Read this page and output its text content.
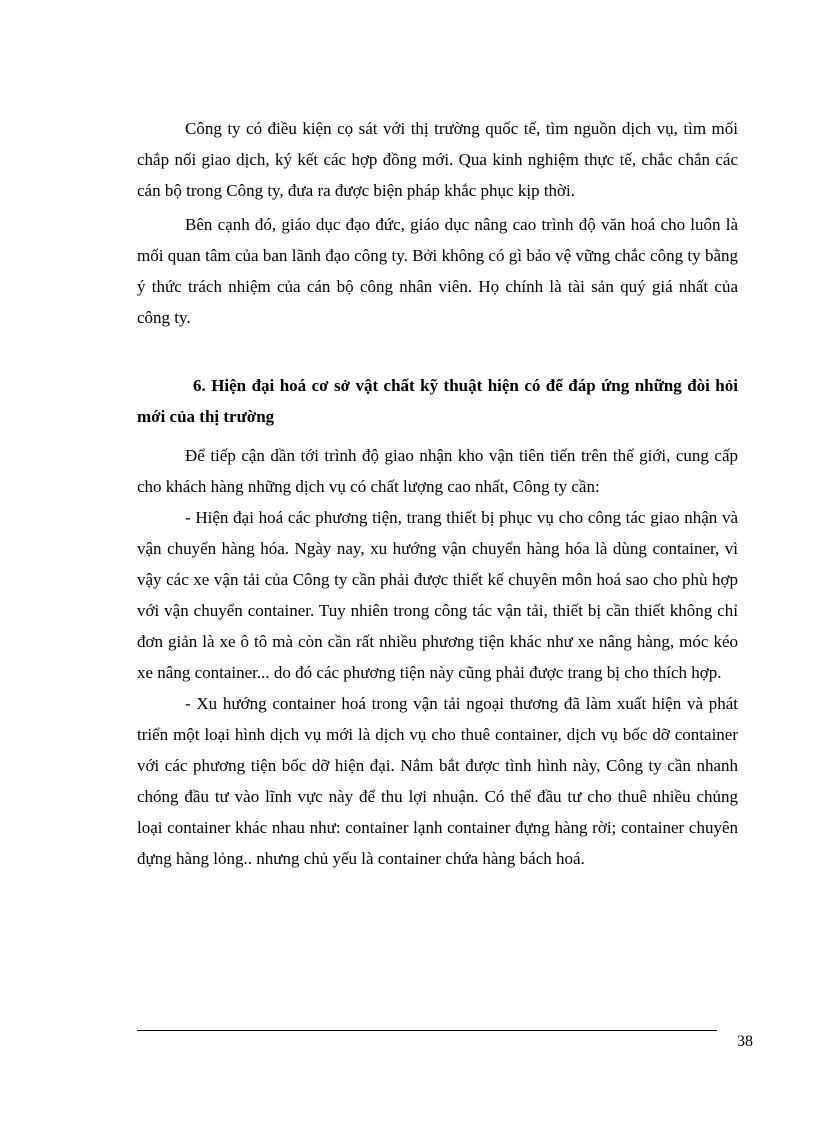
Công ty có điều kiện cọ sát với thị trường quốc tế, tìm nguồn dịch vụ, tìm mối chắp nối giao dịch, ký kết các hợp đồng mới. Qua kinh nghiệm thực tế, chắc chắn các cán bộ trong Công ty, đưa ra được biện pháp khắc phục kịp thời.

Bên cạnh đó, giáo dục đạo đức, giáo dục nâng cao trình độ văn hoá cho luôn là mối quan tâm của ban lãnh đạo công ty. Bởi không có gì bảo vệ vững chắc công ty bằng ý thức trách nhiệm của cán bộ công nhân viên. Họ chính là tài sản quý giá nhất của công ty.

6. Hiện đại hoá cơ sở vật chất kỹ thuật hiện có để đáp ứng những đòi hỏi mới của thị trường

Để tiếp cận dần tới trình độ giao nhận kho vận tiên tiến trên thế giới, cung cấp cho khách hàng những dịch vụ có chất lượng cao nhất, Công ty cần:

- Hiện đại hoá các phương tiện, trang thiết bị phục vụ cho công tác giao nhận và vận chuyển hàng hóa. Ngày nay, xu hướng vận chuyển hàng hóa là dùng container, vì vậy các xe vận tải của Công ty cần phải được thiết kế chuyên môn hoá sao cho phù hợp với vận chuyển container. Tuy nhiên trong công tác vận tải, thiết bị cần thiết không chỉ đơn giản là xe ô tô mà còn cần rất nhiều phương tiện khác như xe nâng hàng, móc kéo xe nâng container... do đó các phương tiện này cũng phải được trang bị cho thích hợp.

- Xu hướng container hoá trong vận tải ngoại thương đã làm xuất hiện và phát triển một loại hình dịch vụ mới là dịch vụ cho thuê container, dịch vụ bốc dỡ container với các phương tiện bốc dỡ hiện đại. Nắm bắt được tình hình này, Công ty cần nhanh chóng đầu tư vào lĩnh vực này để thu lợi nhuận. Có thể đầu tư cho thuê nhiều chủng loại container khác nhau như: container lạnh container đựng hàng rời; container chuyên đựng hàng lỏng.. nhưng chủ yếu là container chứa hàng bách hoá.

38
